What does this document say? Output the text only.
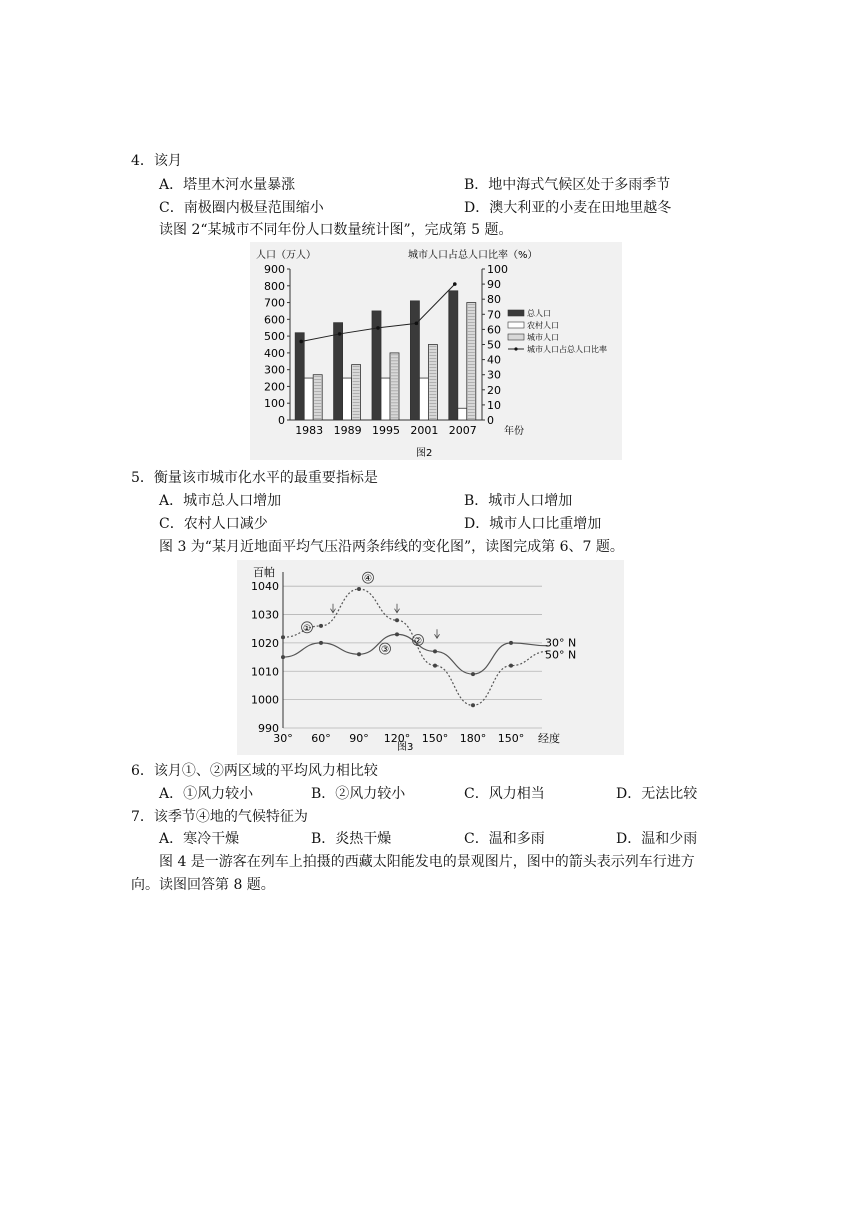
4．该月
A．塔里木河水量暴涨	B．地中海式气候区处于多雨季节
C．南极圈内极昼范围缩小	D．澳大利亚的小麦在田地里越冬
读图 2“某城市不同年份人口数量统计图”，完成第 5 题。
人口（万人）	城市人口占总人口比率（%）
0
100
200
300
400
500
600
700
800
900
0
10
20
30
40
50
60
70
80
90
100
1983 1989 1995 2001 2007	年份
总人口
农村人口
城市人口
城市人口占总人口比率
图2
5．衡量该市城市化水平的最重要指标是
A．城市总人口增加	B．城市人口增加
C．农村人口减少	D．城市人口比重增加
图 3 为“某月近地面平均气压沿两条纬线的变化图”，读图完成第 6、7 题。
百帕
990
1000
1010
1020
1030
1040
30° 60° 90° 120° 150° 180° 150° 经度
30° N
50° N
①
②
③
④
图3
6．该月①、②两区域的平均风力相比较
A．①风力较小	B．②风力较小	C．风力相当	D．无法比较
7．该季节④地的气候特征为
A．寒冷干燥	B．炎热干燥	C．温和多雨	D．温和少雨
图 4 是一游客在列车上拍摄的西藏太阳能发电的景观图片，图中的箭头表示列车行进方
向。读图回答第 8 题。
